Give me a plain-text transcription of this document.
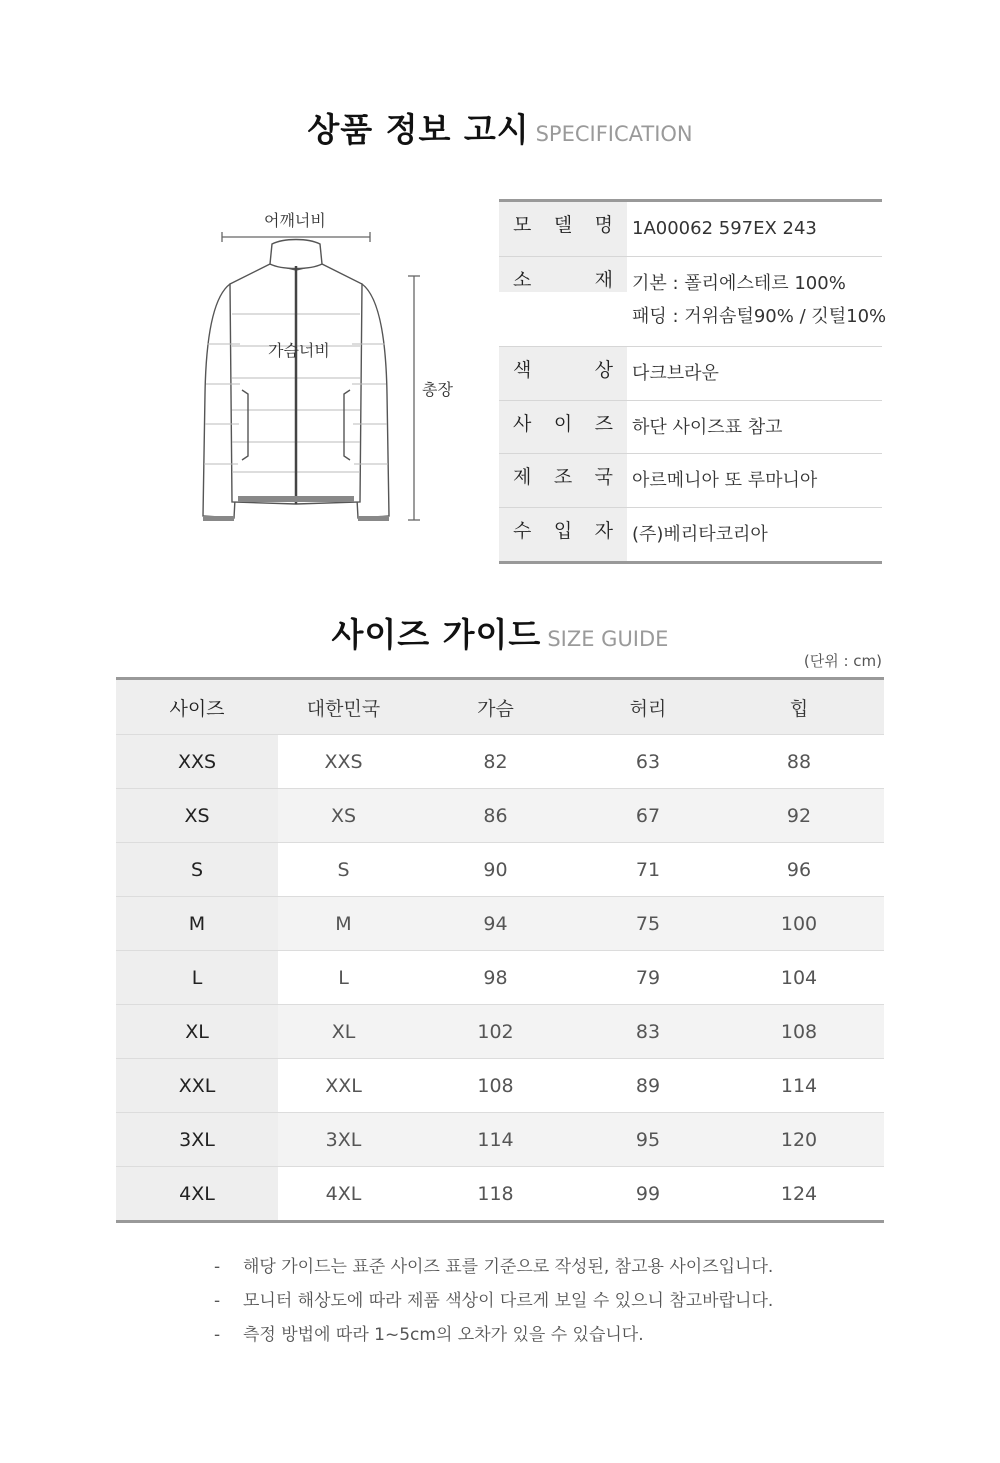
상품 정보 고시 SPECIFICATION
어깨너비
총장
가슴너비
모 델 명 1A00062 597EX 243
소	재 기본 : 폴리에스테르 100%
패딩 : 거위솜털90% / 깃털10%
색	상 다크브라운
사 이 즈 하단 사이즈표 참고
제 조 국 아르메니아 또 루마니아
수 입 자 (주)베리타코리아
사이즈 가이드 SIZE GUIDE
(단위 : cm)
사이즈	대한민국	가슴	허리	힙
XXS	XXS	82	63	88
XS	XS	86	67	92
S	S	90	71	96
M	M	94	75	100
L	L	98	79	104
XL	XL	102	83	108
XXL	XXL	108	89	114
3XL	3XL	114	95	120
4XL	4XL	118	99	124
- 해당 가이드는 표준 사이즈 표를 기준으로 작성된, 참고용 사이즈입니다.
- 모니터 해상도에 따라 제품 색상이 다르게 보일 수 있으니 참고바랍니다.
- 측정 방법에 따라 1~5cm의 오차가 있을 수 있습니다.
